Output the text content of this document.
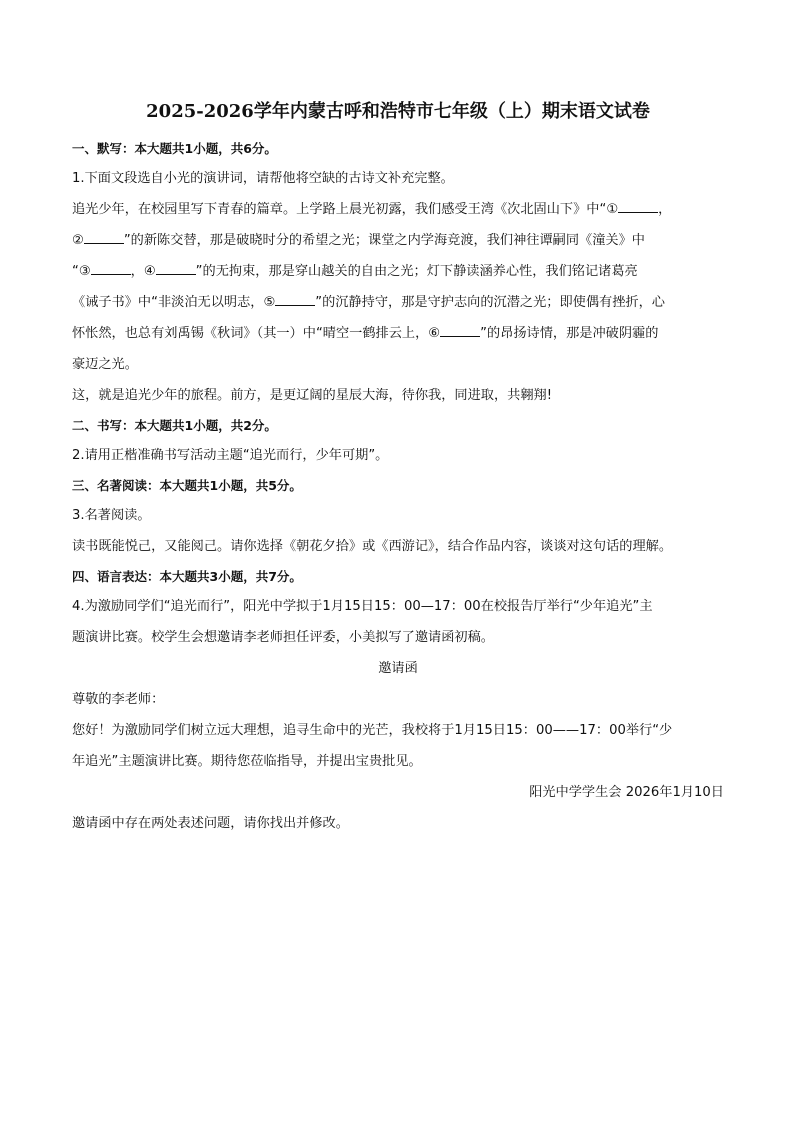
2025-2026学年内蒙古呼和浩特市七年级（上）期末语文试卷
一、默写：本大题共1小题，共6分。
1.下面文段选自小光的演讲词，请帮他将空缺的古诗文补充完整。
追光少年，在校园里写下青春的篇章。上学路上晨光初露，我们感受王湾《次北固山下》中“①	，
②	”的新陈交替，那是破晓时分的希望之光；课堂之内学海竞渡，我们神往谭嗣同《潼关》中
“③	，④	”的无拘束，那是穿山越关的自由之光；灯下静读涵养心性，我们铭记诸葛亮
《诫子书》中“非淡泊无以明志，⑤	”的沉静持守，那是守护志向的沉潜之光；即使偶有挫折，心
怀怅然，也总有刘禹锡《秋词》（其一）中“晴空一鹤排云上，⑥	”的昂扬诗情，那是冲破阴霾的
豪迈之光。
这，就是追光少年的旅程。前方，是更辽阔的星辰大海，待你我，同进取，共翱翔!
二、书写：本大题共1小题，共2分。
2.请用正楷准确书写活动主题“追光而行，少年可期”。
三、名著阅读：本大题共1小题，共5分。
3.名著阅读。
读书既能悦己，又能阅己。请你选择《朝花夕拾》或《西游记》，结合作品内容，谈谈对这句话的理解。
四、语言表达：本大题共3小题，共7分。
4.为激励同学们“追光而行”，阳光中学拟于1月15日15：00—17：00在校报告厅举行“少年追光”主
题演讲比赛。校学生会想邀请李老师担任评委，小美拟写了邀请函初稿。
邀请函
尊敬的李老师：
您好！为激励同学们树立远大理想，追寻生命中的光芒，我校将于1月15日15：00——17：00举行“少
年追光”主题演讲比赛。期待您莅临指导，并提出宝贵批见。
阳光中学学生会 2026年1月10日
邀请函中存在两处表述问题，请你找出并修改。
